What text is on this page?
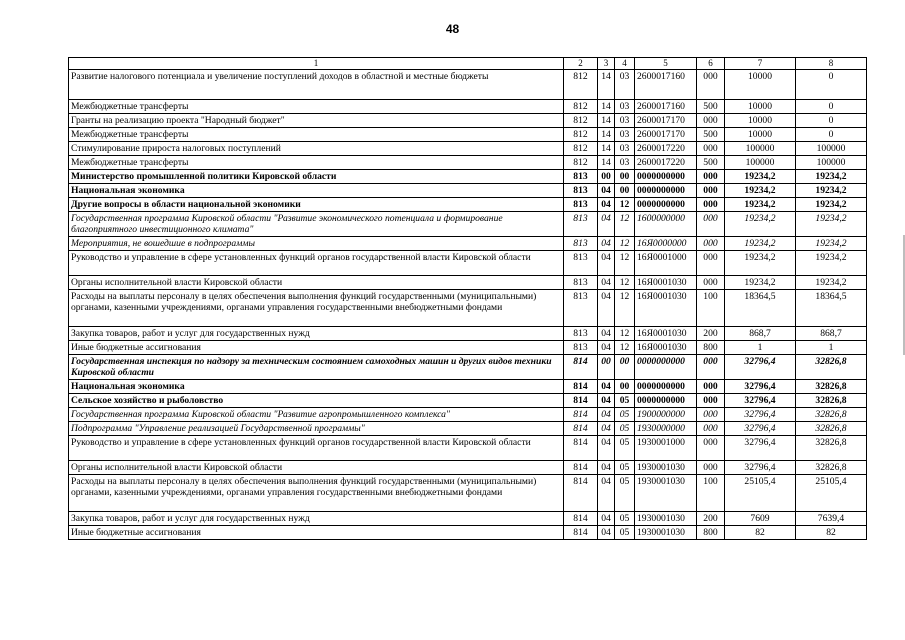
48
1	2	3	4	5	6	7	8
Развитие налогового потенциала и увеличение поступлений доходов в областной и местные бюджеты	812	14	03	2600017160	000	10000	0
Межбюджетные трансферты	812	14	03	2600017160	500	10000	0
Гранты на реализацию проекта "Народный бюджет"	812	14	03	2600017170	000	10000	0
Межбюджетные трансферты	812	14	03	2600017170	500	10000	0
Стимулирование прироста налоговых поступлений	812	14	03	2600017220	000	100000	100000
Межбюджетные трансферты	812	14	03	2600017220	500	100000	100000
Министерство промышленной политики Кировской области	813	00	00	0000000000	000	19234,2	19234,2
Национальная экономика	813	04	00	0000000000	000	19234,2	19234,2
Другие вопросы в области национальной экономики	813	04	12	0000000000	000	19234,2	19234,2
Государственная программа Кировской области "Развитие экономического потенциала и формирование благоприятного инвестиционного климата"	813	04	12	1600000000	000	19234,2	19234,2
Мероприятия, не вошедшие в подпрограммы	813	04	12	16Я0000000	000	19234,2	19234,2
Руководство и управление в сфере установленных функций органов государственной власти Кировской области	813	04	12	16Я0001000	000	19234,2	19234,2
Органы исполнительной власти Кировской области	813	04	12	16Я0001030	000	19234,2	19234,2
Расходы на выплаты персоналу в целях обеспечения выполнения функций государственными (муниципальными) органами, казенными учреждениями, органами управления государственными внебюджетными фондами	813	04	12	16Я0001030	100	18364,5	18364,5
Закупка товаров, работ и услуг для государственных нужд	813	04	12	16Я0001030	200	868,7	868,7
Иные бюджетные ассигнования	813	04	12	16Я0001030	800	1	1
Государственная инспекция по надзору за техническим состоянием самоходных машин и других видов техники Кировской области	814	00	00	0000000000	000	32796,4	32826,8
Национальная экономика	814	04	00	0000000000	000	32796,4	32826,8
Сельское хозяйство и рыболовство	814	04	05	0000000000	000	32796,4	32826,8
Государственная программа Кировской области "Развитие агропромышленного комплекса"	814	04	05	1900000000	000	32796,4	32826,8
Подпрограмма "Управление реализацией Государственной программы"	814	04	05	1930000000	000	32796,4	32826,8
Руководство и управление в сфере установленных функций органов государственной власти Кировской области	814	04	05	1930001000	000	32796,4	32826,8
Органы исполнительной власти Кировской области	814	04	05	1930001030	000	32796,4	32826,8
Расходы на выплаты персоналу в целях обеспечения выполнения функций государственными (муниципальными) органами, казенными учреждениями, органами управления государственными внебюджетными фондами	814	04	05	1930001030	100	25105,4	25105,4
Закупка товаров, работ и услуг для государственных нужд	814	04	05	1930001030	200	7609	7639,4
Иные бюджетные ассигнования	814	04	05	1930001030	800	82	82
